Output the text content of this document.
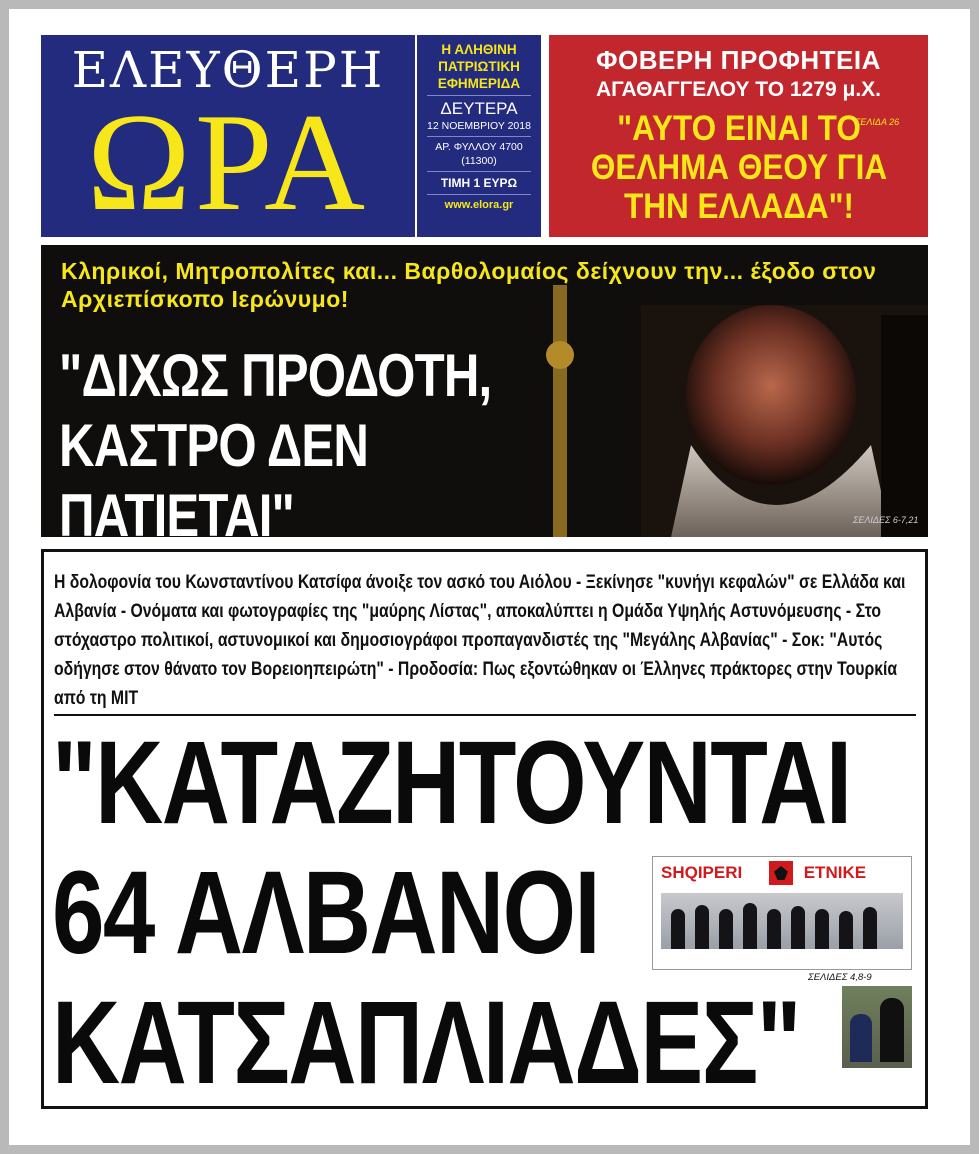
ΕΛΕΥΘΕΡΗ
ΩΡΑ
Η ΑΛΗΘΙΝΗ
ΠΑΤΡΙΩΤΙΚΗ
ΕΦΗΜΕΡΙΔΑ
ΔΕΥΤΕΡΑ
12 ΝΟΕΜΒΡΙΟΥ 2018
ΑΡ. ΦΥΛΛΟΥ 4700 (11300)
ΤΙΜΗ 1 ΕΥΡΩ
www.elora.gr
ΦΟΒΕΡΗ ΠΡΟΦΗΤΕΙΑ
ΑΓΑΘΑΓΓΕΛΟΥ ΤΟ 1279 μ.Χ.
"ΑΥΤΟ ΕΙΝΑΙ ΤΟ ΘΕΛΗΜΑ ΘΕΟΥ ΓΙΑ ΤΗΝ ΕΛΛΑΔΑ"!
ΣΕΛΙΔΑ 26
Κληρικοί, Μητροπολίτες και... Βαρθολομαίος δείχνουν την... έξοδο στον Αρχιεπίσκοπο Ιερώνυμο!
"ΔΙΧΩΣ ΠΡΟΔΟΤΗ,
ΚΑΣΤΡΟ ΔΕΝ ΠΑΤΙΕΤΑΙ"	ΣΕΛΙΔΕΣ 6-7,21
Η δολοφονία του Κωνσταντίνου Κατσίφα άνοιξε τον ασκό του Αιόλου - Ξεκίνησε "κυνήγι κεφαλών" σε Ελλάδα και Αλβανία - Ονόματα και φωτογραφίες της "μαύρης Λίστας", αποκαλύπτει η Ομάδα Υψηλής Αστυνόμευσης - Στο στόχαστρο πολιτικοί, αστυνομικοί και δημοσιογράφοι προπαγανδιστές της "Μεγάλης Αλβανίας" - Σοκ: "Αυτός οδήγησε στον θάνατο τον Βορειοηπειρώτη" - Προδοσία: Πως εξοντώθηκαν οι Έλληνες πράκτορες στην Τουρκία από τη ΜΙΤ
"ΚΑΤΑΖΗΤΟΥΝΤΑΙ
64 ΑΛΒΑΝΟΙ
ΚΑΤΣΑΠΛΙΑΔΕΣ"
SHQIPERI	ETNIKE
ΣΕΛΙΔΕΣ 4,8-9
